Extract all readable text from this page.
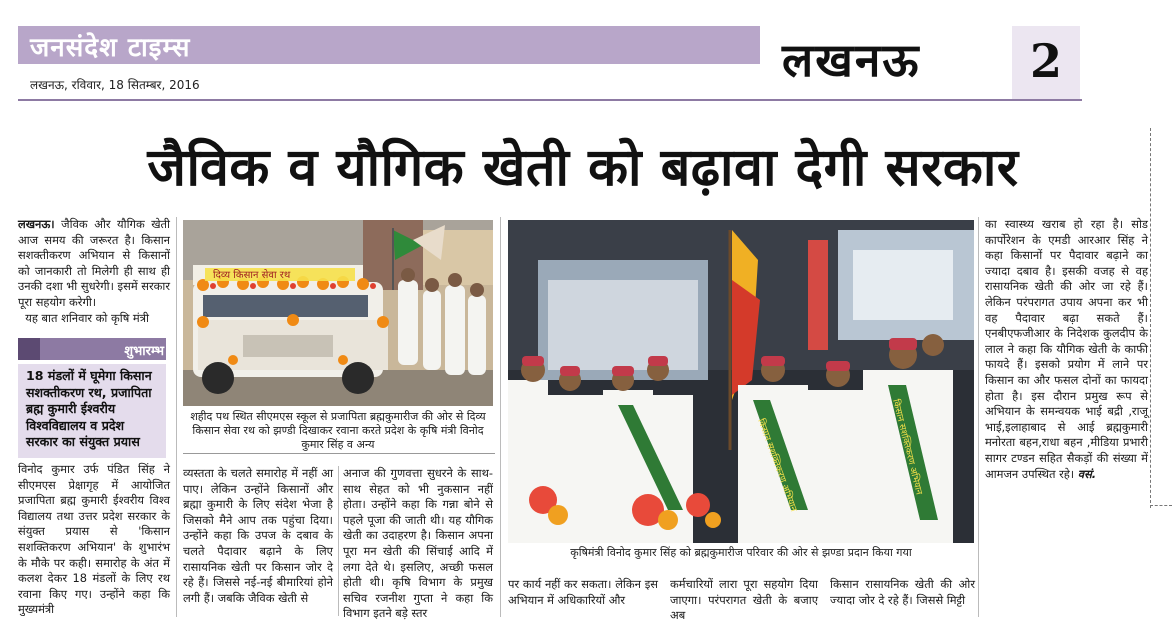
जनसंदेश टाइम्स
लखनऊ, रविवार, 18 सितम्बर, 2016	लखनऊ	2
जैविक व यौगिक खेती को बढ़ावा देगी सरकार
लखनऊ। जैविक और यौगिक खेती आज समय की जरूरत है। किसान सशक्तीकरण अभियान से किसानों को जानकारी तो मिलेगी ही साथ ही उनकी दशा भी सुधरेगी। इसमें सरकार पूरा सहयोग करेगी।
यह बात शनिवार को कृषि मंत्री
शुभारम्भ
18 मंडलों में घूमेगा किसान सशक्तीकरण रथ, प्रजापिता ब्रह्म कुमारी ईश्वरीय विश्वविद्यालय व प्रदेश सरकार का संयुक्त प्रयास
विनोद कुमार उर्फ पंडित सिंह ने सीएमएस प्रेक्षागृह में आयोजित प्रजापिता ब्रह्म कुमारी ईश्वरीय विश्व विद्यालय तथा उत्तर प्रदेश सरकार के संयुक्त प्रयास से 'किसान सशक्तिकरण अभियान' के शुभारंभ के मौके पर कही। समारोह के अंत में कलश देकर 18 मंडलों के लिए रथ रवाना किए गए। उन्होंने कहा कि मुख्यमंत्री
दिव्य किसान सेवा रथ
शहीद पथ स्थित सीएमएस स्कूल से प्रजापिता ब्रह्मकुमारीज की ओर से दिव्य किसान सेवा रथ को झण्डी दिखाकर रवाना करते प्रदेश के कृषि मंत्री विनोद कुमार सिंह व अन्य	किसान सशक्तिकरण अभियान	किसान सशक्तिकरण अभियान
कृषिमंत्री विनोद कुमार सिंह को ब्रह्मकुमारीज परिवार की ओर से झण्डा प्रदान किया गया
व्यस्तता के चलते समारोह में नहीं आ पाए। लेकिन उन्होंने किसानों और ब्रह्मा कुमारी के लिए संदेश भेजा है जिसको मैने आप तक पहुंचा दिया। उन्होंने कहा कि उपज के दबाव के चलते पैदावार बढ़ाने के लिए रासायनिक खेती पर किसान जोर दे रहे हैं। जिससे नई-नई बीमारियां होने लगी हैं। जबकि जैविक खेती से
अनाज की गुणवत्ता सुधरने के साथ-साथ सेहत को भी नुकसान नहीं होता। उन्होंने कहा कि गन्ना बोने से पहले पूजा की जाती थी। यह यौगिक खेती का उदाहरण है। किसान अपना पूरा मन खेती की सिंचाई आदि में लगा देते थे। इसलिए, अच्छी फसल होती थी। कृषि विभाग के प्रमुख सचिव रजनीश गुप्ता ने कहा कि विभाग इतने बड़े स्तर
पर कार्य नहीं कर सकता। लेकिन इस अभियान में अधिकारियों और
कर्मचारियों लारा पूरा सहयोग दिया जाएगा। परंपरागत खेती के बजाए अब
किसान रासायनिक खेती की ओर ज्यादा जोर दे रहे हैं। जिससे मिट्टी
का स्वास्थ्य खराब हो रहा है। सोड कार्पोरेशन के एमडी आरआर सिंह ने कहा किसानों पर पैदावार बढ़ाने का ज्यादा दबाव है। इसकी वजह से वह रासायनिक खेती की ओर जा रहे हैं। लेकिन परंपरागत उपाय अपना कर भी वह पैदावार बढ़ा सकते हैं। एनबीएफजीआर के निदेशक कुलदीप के लाल ने कहा कि यौगिक खेती के काफी फायदे हैं। इसको प्रयोग में लाने पर किसान का और फसल दोनों का फायदा होता है। इस दौरान प्रमुख रूप से अभियान के समन्वयक भाई बद्री ,राजू भाई,इलाहाबाद से आई ब्रह्मकुमारी मनोरता बहन,राधा बहन ,मीडिया प्रभारी सागर टण्डन सहित सैकड़ों की संख्या में आमजन उपस्थित रहे। वसं.
